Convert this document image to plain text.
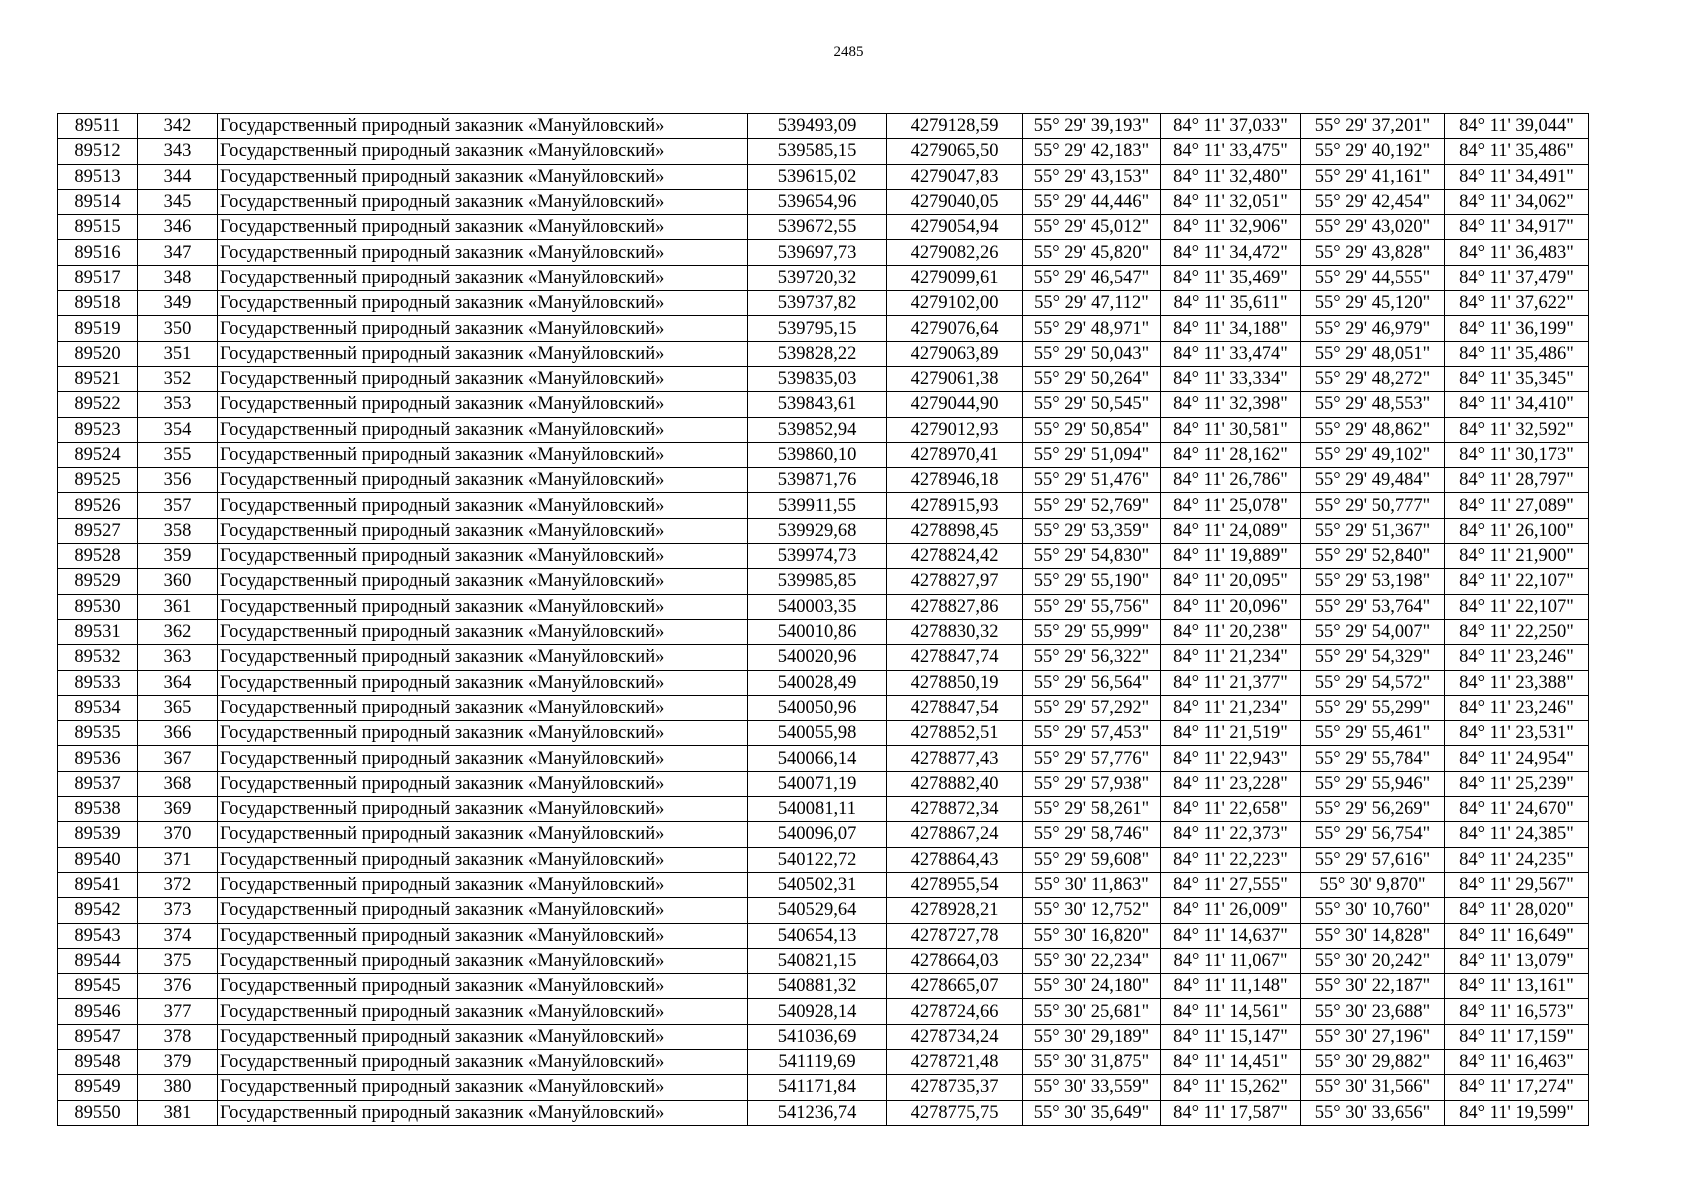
2485
89511	342	Государственный природный заказник «Мануйловский»	539493,09	4279128,59	55° 29' 39,193"	84° 11' 37,033"	55° 29' 37,201"	84° 11' 39,044"
89512	343	Государственный природный заказник «Мануйловский»	539585,15	4279065,50	55° 29' 42,183"	84° 11' 33,475"	55° 29' 40,192"	84° 11' 35,486"
89513	344	Государственный природный заказник «Мануйловский»	539615,02	4279047,83	55° 29' 43,153"	84° 11' 32,480"	55° 29' 41,161"	84° 11' 34,491"
89514	345	Государственный природный заказник «Мануйловский»	539654,96	4279040,05	55° 29' 44,446"	84° 11' 32,051"	55° 29' 42,454"	84° 11' 34,062"
89515	346	Государственный природный заказник «Мануйловский»	539672,55	4279054,94	55° 29' 45,012"	84° 11' 32,906"	55° 29' 43,020"	84° 11' 34,917"
89516	347	Государственный природный заказник «Мануйловский»	539697,73	4279082,26	55° 29' 45,820"	84° 11' 34,472"	55° 29' 43,828"	84° 11' 36,483"
89517	348	Государственный природный заказник «Мануйловский»	539720,32	4279099,61	55° 29' 46,547"	84° 11' 35,469"	55° 29' 44,555"	84° 11' 37,479"
89518	349	Государственный природный заказник «Мануйловский»	539737,82	4279102,00	55° 29' 47,112"	84° 11' 35,611"	55° 29' 45,120"	84° 11' 37,622"
89519	350	Государственный природный заказник «Мануйловский»	539795,15	4279076,64	55° 29' 48,971"	84° 11' 34,188"	55° 29' 46,979"	84° 11' 36,199"
89520	351	Государственный природный заказник «Мануйловский»	539828,22	4279063,89	55° 29' 50,043"	84° 11' 33,474"	55° 29' 48,051"	84° 11' 35,486"
89521	352	Государственный природный заказник «Мануйловский»	539835,03	4279061,38	55° 29' 50,264"	84° 11' 33,334"	55° 29' 48,272"	84° 11' 35,345"
89522	353	Государственный природный заказник «Мануйловский»	539843,61	4279044,90	55° 29' 50,545"	84° 11' 32,398"	55° 29' 48,553"	84° 11' 34,410"
89523	354	Государственный природный заказник «Мануйловский»	539852,94	4279012,93	55° 29' 50,854"	84° 11' 30,581"	55° 29' 48,862"	84° 11' 32,592"
89524	355	Государственный природный заказник «Мануйловский»	539860,10	4278970,41	55° 29' 51,094"	84° 11' 28,162"	55° 29' 49,102"	84° 11' 30,173"
89525	356	Государственный природный заказник «Мануйловский»	539871,76	4278946,18	55° 29' 51,476"	84° 11' 26,786"	55° 29' 49,484"	84° 11' 28,797"
89526	357	Государственный природный заказник «Мануйловский»	539911,55	4278915,93	55° 29' 52,769"	84° 11' 25,078"	55° 29' 50,777"	84° 11' 27,089"
89527	358	Государственный природный заказник «Мануйловский»	539929,68	4278898,45	55° 29' 53,359"	84° 11' 24,089"	55° 29' 51,367"	84° 11' 26,100"
89528	359	Государственный природный заказник «Мануйловский»	539974,73	4278824,42	55° 29' 54,830"	84° 11' 19,889"	55° 29' 52,840"	84° 11' 21,900"
89529	360	Государственный природный заказник «Мануйловский»	539985,85	4278827,97	55° 29' 55,190"	84° 11' 20,095"	55° 29' 53,198"	84° 11' 22,107"
89530	361	Государственный природный заказник «Мануйловский»	540003,35	4278827,86	55° 29' 55,756"	84° 11' 20,096"	55° 29' 53,764"	84° 11' 22,107"
89531	362	Государственный природный заказник «Мануйловский»	540010,86	4278830,32	55° 29' 55,999"	84° 11' 20,238"	55° 29' 54,007"	84° 11' 22,250"
89532	363	Государственный природный заказник «Мануйловский»	540020,96	4278847,74	55° 29' 56,322"	84° 11' 21,234"	55° 29' 54,329"	84° 11' 23,246"
89533	364	Государственный природный заказник «Мануйловский»	540028,49	4278850,19	55° 29' 56,564"	84° 11' 21,377"	55° 29' 54,572"	84° 11' 23,388"
89534	365	Государственный природный заказник «Мануйловский»	540050,96	4278847,54	55° 29' 57,292"	84° 11' 21,234"	55° 29' 55,299"	84° 11' 23,246"
89535	366	Государственный природный заказник «Мануйловский»	540055,98	4278852,51	55° 29' 57,453"	84° 11' 21,519"	55° 29' 55,461"	84° 11' 23,531"
89536	367	Государственный природный заказник «Мануйловский»	540066,14	4278877,43	55° 29' 57,776"	84° 11' 22,943"	55° 29' 55,784"	84° 11' 24,954"
89537	368	Государственный природный заказник «Мануйловский»	540071,19	4278882,40	55° 29' 57,938"	84° 11' 23,228"	55° 29' 55,946"	84° 11' 25,239"
89538	369	Государственный природный заказник «Мануйловский»	540081,11	4278872,34	55° 29' 58,261"	84° 11' 22,658"	55° 29' 56,269"	84° 11' 24,670"
89539	370	Государственный природный заказник «Мануйловский»	540096,07	4278867,24	55° 29' 58,746"	84° 11' 22,373"	55° 29' 56,754"	84° 11' 24,385"
89540	371	Государственный природный заказник «Мануйловский»	540122,72	4278864,43	55° 29' 59,608"	84° 11' 22,223"	55° 29' 57,616"	84° 11' 24,235"
89541	372	Государственный природный заказник «Мануйловский»	540502,31	4278955,54	55° 30' 11,863"	84° 11' 27,555"	55° 30' 9,870"	84° 11' 29,567"
89542	373	Государственный природный заказник «Мануйловский»	540529,64	4278928,21	55° 30' 12,752"	84° 11' 26,009"	55° 30' 10,760"	84° 11' 28,020"
89543	374	Государственный природный заказник «Мануйловский»	540654,13	4278727,78	55° 30' 16,820"	84° 11' 14,637"	55° 30' 14,828"	84° 11' 16,649"
89544	375	Государственный природный заказник «Мануйловский»	540821,15	4278664,03	55° 30' 22,234"	84° 11' 11,067"	55° 30' 20,242"	84° 11' 13,079"
89545	376	Государственный природный заказник «Мануйловский»	540881,32	4278665,07	55° 30' 24,180"	84° 11' 11,148"	55° 30' 22,187"	84° 11' 13,161"
89546	377	Государственный природный заказник «Мануйловский»	540928,14	4278724,66	55° 30' 25,681"	84° 11' 14,561"	55° 30' 23,688"	84° 11' 16,573"
89547	378	Государственный природный заказник «Мануйловский»	541036,69	4278734,24	55° 30' 29,189"	84° 11' 15,147"	55° 30' 27,196"	84° 11' 17,159"
89548	379	Государственный природный заказник «Мануйловский»	541119,69	4278721,48	55° 30' 31,875"	84° 11' 14,451"	55° 30' 29,882"	84° 11' 16,463"
89549	380	Государственный природный заказник «Мануйловский»	541171,84	4278735,37	55° 30' 33,559"	84° 11' 15,262"	55° 30' 31,566"	84° 11' 17,274"
89550	381	Государственный природный заказник «Мануйловский»	541236,74	4278775,75	55° 30' 35,649"	84° 11' 17,587"	55° 30' 33,656"	84° 11' 19,599"
